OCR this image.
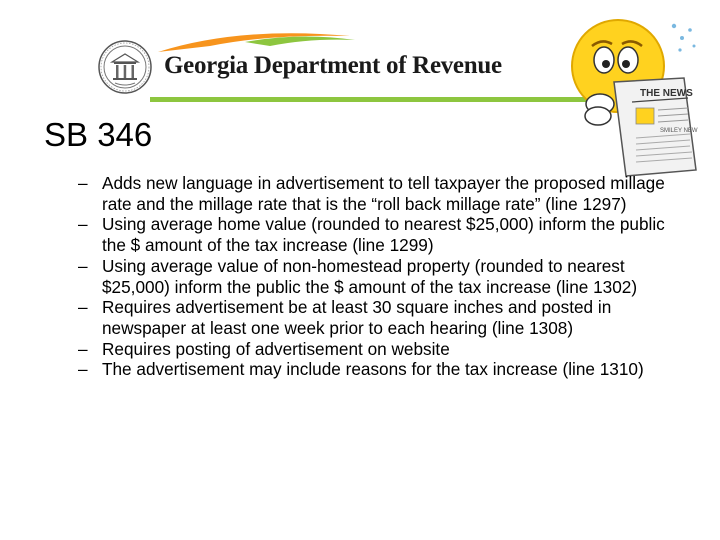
Georgia Department of Revenue
THE NEWS
SMILEY NEW
SB 346
– Adds new language in advertisement to tell taxpayer the proposed millage rate and the millage rate that is the “roll back millage rate” (line 1297)
– Using average home value (rounded to nearest $25,000) inform the public the $ amount of the tax increase (line 1299)
– Using average value of non-homestead property (rounded to nearest $25,000) inform the public the $ amount of the tax increase (line 1302)
– Requires advertisement be at least 30 square inches and posted in newspaper at least one week prior to each hearing (line 1308)
– Requires posting of advertisement on website
– The advertisement may include reasons for the tax increase (line 1310)
